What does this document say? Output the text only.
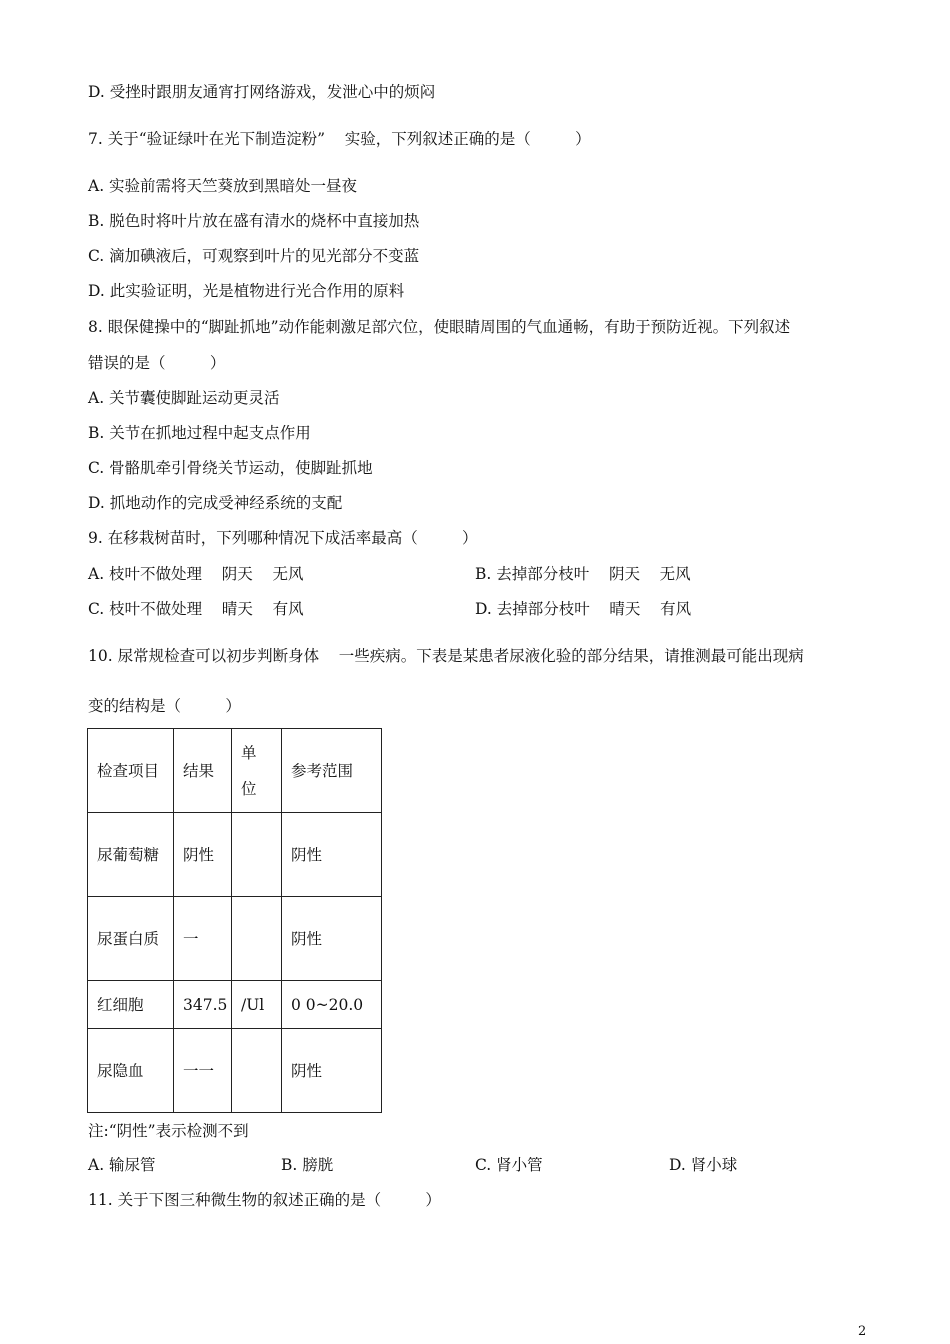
D. 受挫时跟朋友通宵打网络游戏，发泄心中的烦闷
7. 关于“验证绿叶在光下制造淀粉”    实验，下列叙述正确的是（         ）
A. 实验前需将天竺葵放到黑暗处一昼夜
B. 脱色时将叶片放在盛有清水的烧杯中直接加热
C. 滴加碘液后，可观察到叶片的见光部分不变蓝
D. 此实验证明，光是植物进行光合作用的原料
8. 眼保健操中的“脚趾抓地”动作能刺激足部穴位，使眼睛周围的气血通畅，有助于预防近视。下列叙述
错误的是（         ）
A. 关节囊使脚趾运动更灵活
B. 关节在抓地过程中起支点作用
C. 骨骼肌牵引骨绕关节运动，使脚趾抓地
D. 抓地动作的完成受神经系统的支配
9. 在移栽树苗时，下列哪种情况下成活率最高（         ）
A. 枝叶不做处理    阴天    无风	B. 去掉部分枝叶    阴天    无风
C. 枝叶不做处理    晴天    有风	D. 去掉部分枝叶    晴天    有风
10. 尿常规检查可以初步判断身体    一些疾病。下表是某患者尿液化验的部分结果，请推测最可能出现病
变的结构是（         ）
检查项目	结果	单
位	参考范围
尿葡萄糖	阴性		阴性
尿蛋白质	一		阴性
红细胞	347.5	/Ul	0 0~20.0
尿隐血	一一		阴性
注:“阴性”表示检测不到
A. 输尿管	B. 膀胱	C. 肾小管	D. 肾小球
11. 关于下图三种微生物的叙述正确的是（         ）
2
